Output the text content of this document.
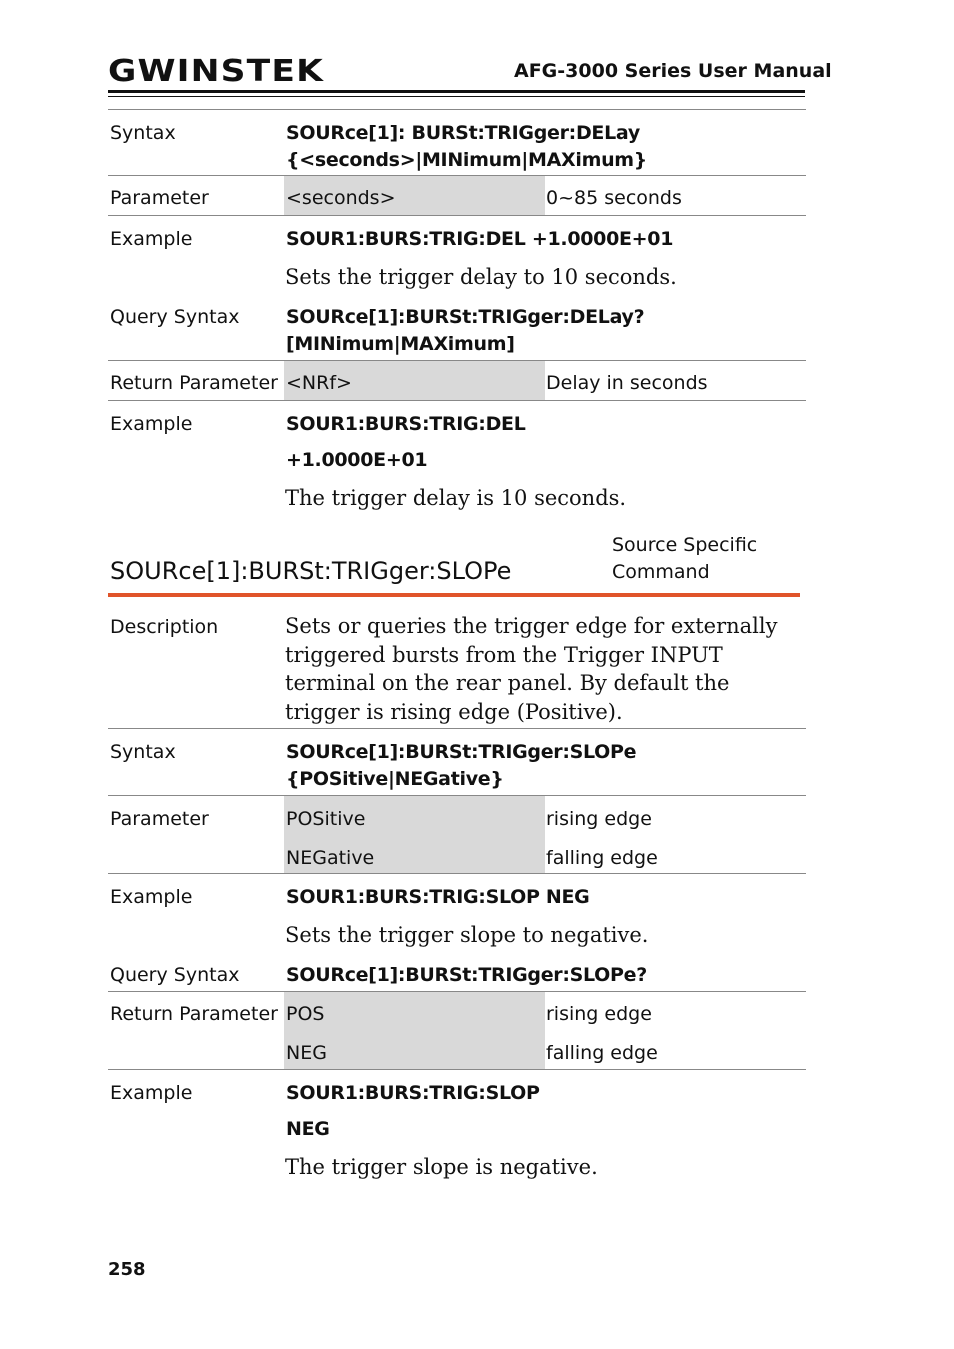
GWINSTEK	AFG-3000 Series User Manual
Syntax	SOURce[1]: BURSt:TRIGger:DELay
{<seconds>|MINimum|MAXimum}
Parameter	<seconds>	0~85 seconds
Example	SOUR1:BURS:TRIG:DEL +1.0000E+01
Sets the trigger delay to 10 seconds.
Query Syntax SOURce[1]:BURSt:TRIGger:DELay?
[MINimum|MAXimum]
Return Parameter <NRf>	Delay in seconds
Example	SOUR1:BURS:TRIG:DEL
+1.0000E+01
The trigger delay is 10 seconds.
Source Specific
Command
SOURce[1]:BURSt:TRIGger:SLOPe
Description	Sets or queries the trigger edge for externally triggered bursts from the Trigger INPUT terminal on the rear panel. By default the trigger is rising edge (Positive).
Syntax	SOURce[1]:BURSt:TRIGger:SLOPe
{POSitive|NEGative}
Parameter	POSitive	rising edge
NEGative	falling edge
Example	SOUR1:BURS:TRIG:SLOP NEG
Sets the trigger slope to negative.
Query Syntax SOURce[1]:BURSt:TRIGger:SLOPe?
Return Parameter POS	rising edge
NEG	falling edge
Example	SOUR1:BURS:TRIG:SLOP
NEG
The trigger slope is negative.
258
